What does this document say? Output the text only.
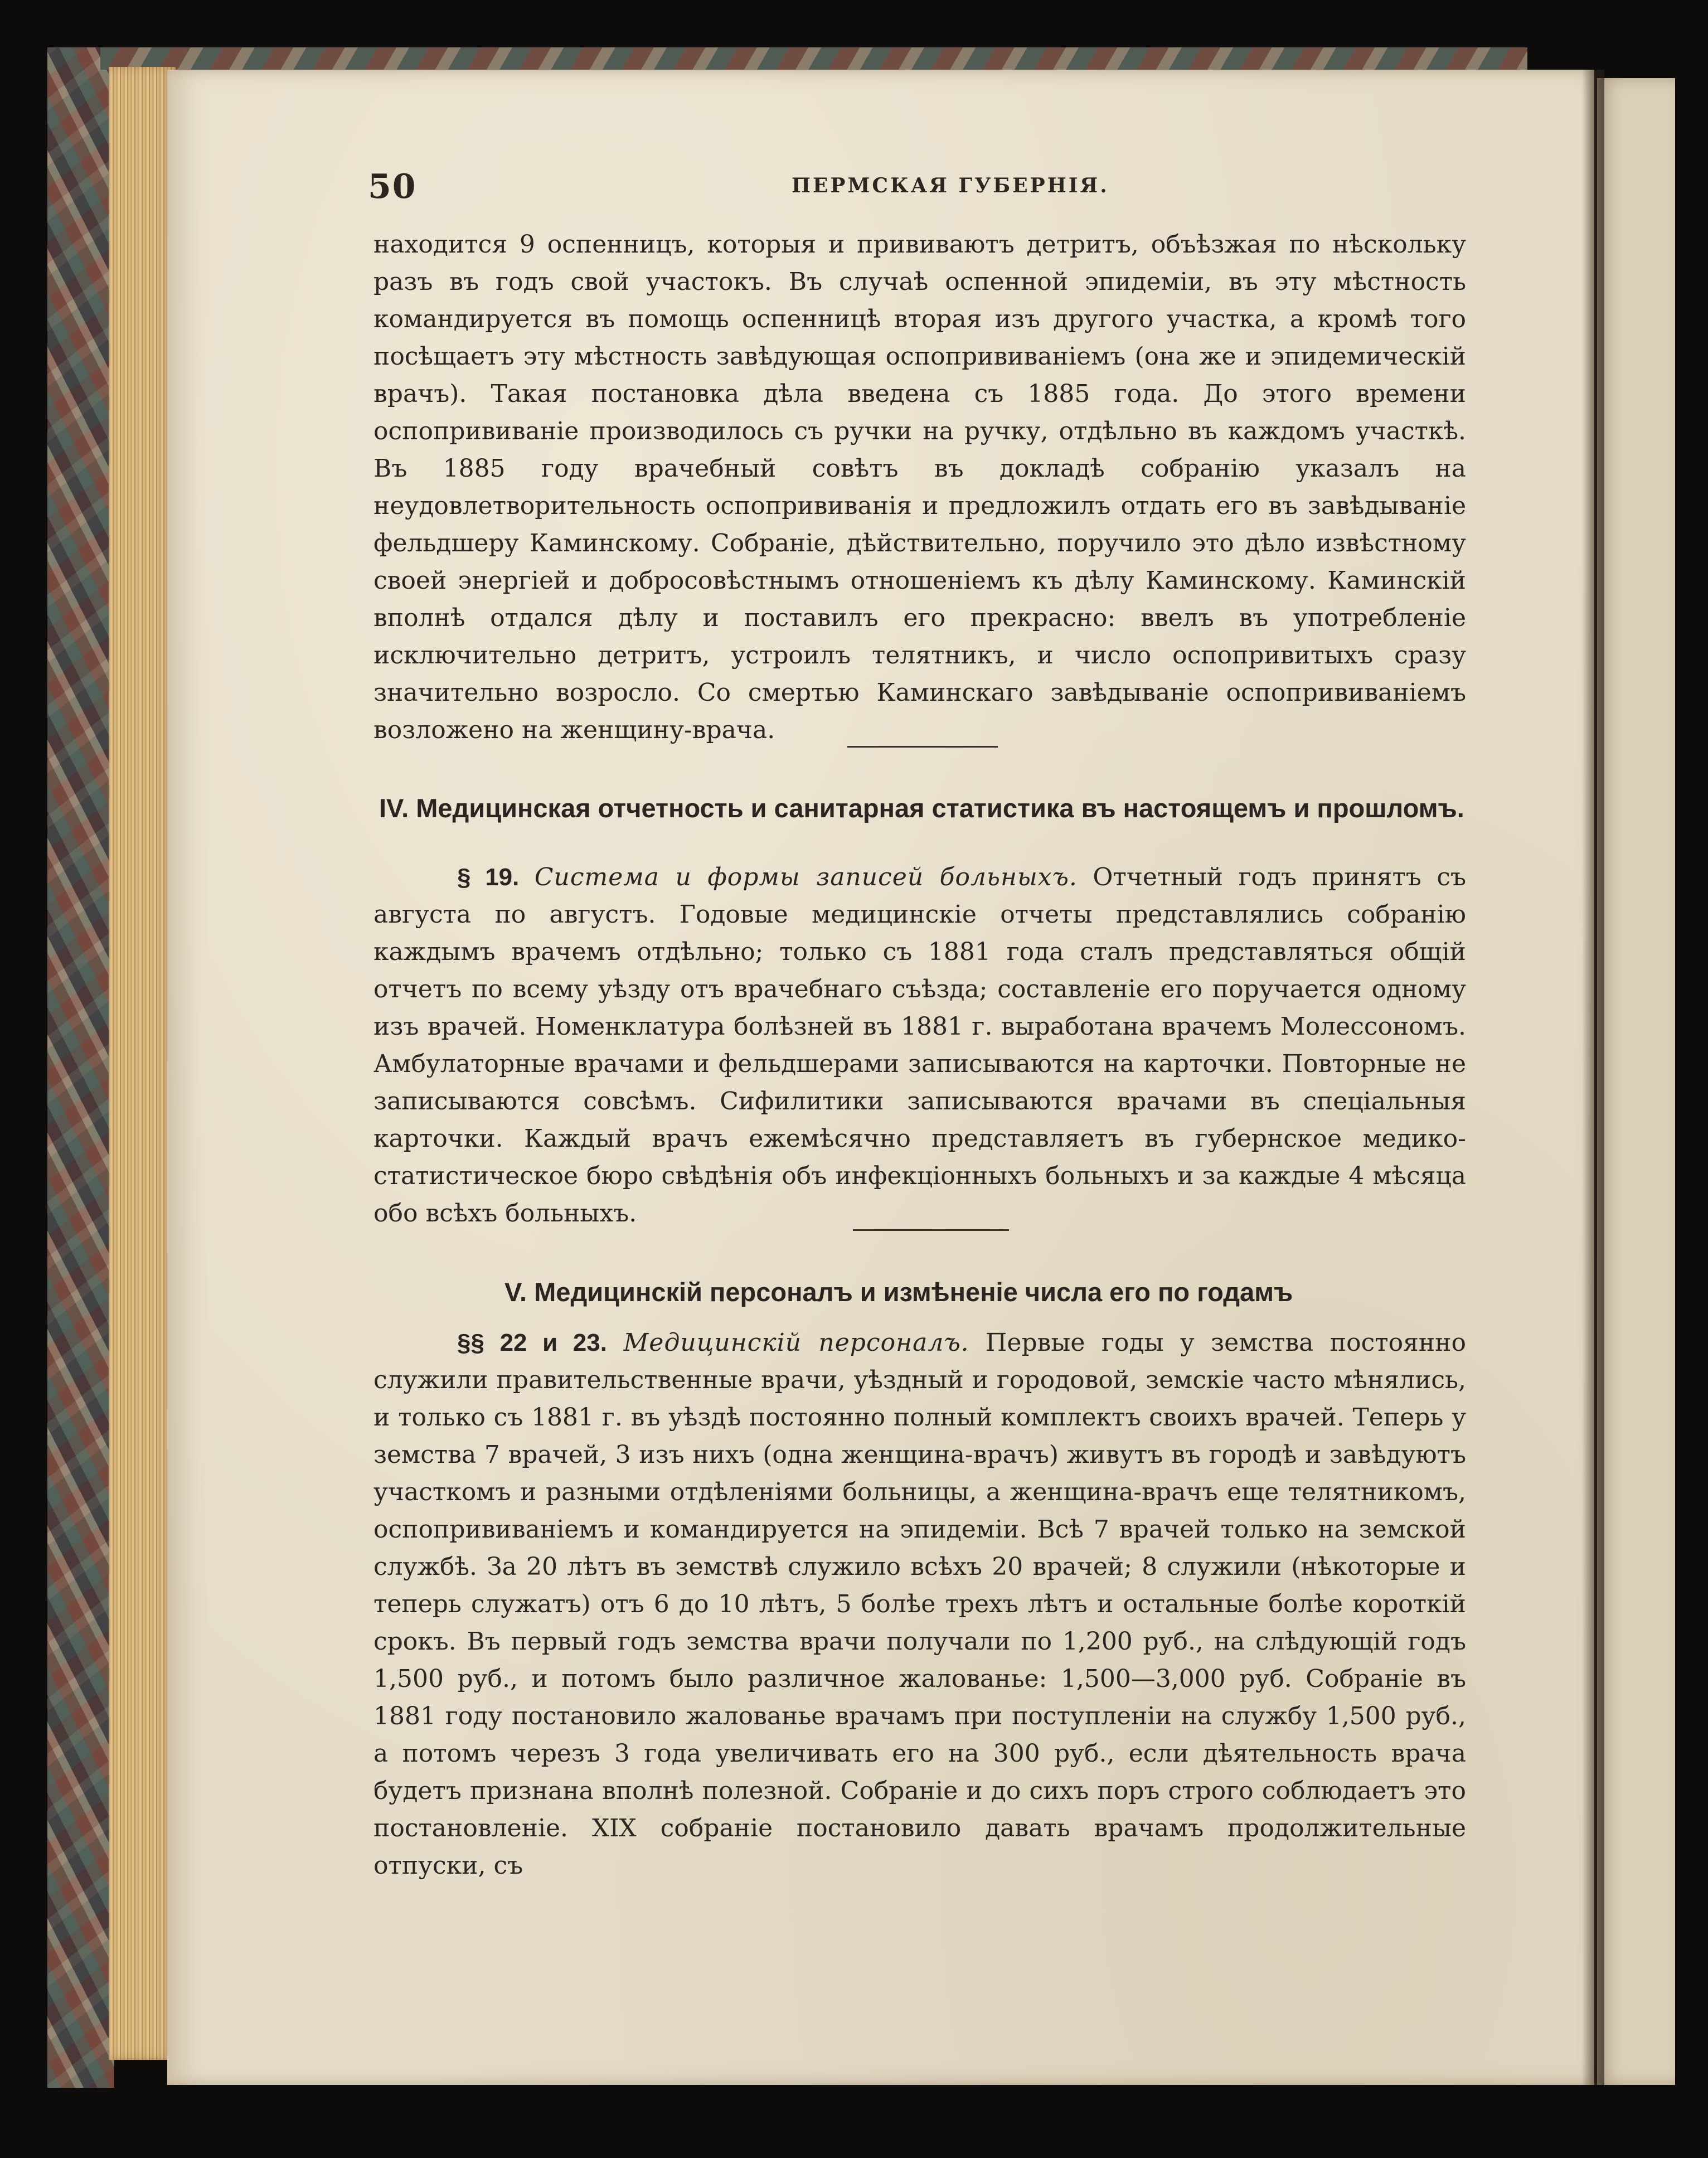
50	ПЕРМСКАЯ ГУБЕРНІЯ.

находится 9 оспенницъ, которыя и прививаютъ детритъ, объѣзжая по нѣскольку разъ въ годъ свой участокъ. Въ случаѣ оспенной эпидеміи, въ эту мѣстность командируется въ помощь оспенницѣ вторая изъ другого участка, а кромѣ того посѣщаетъ эту мѣстность завѣдующая оспопрививаніемъ (она же и эпидемическій врачъ). Такая постановка дѣла введена съ 1885 года. До этого времени оспопрививаніе производилось съ ручки на ручку, отдѣльно въ каждомъ участкѣ. Въ 1885 году врачебный совѣтъ въ докладѣ собранію указалъ на неудовлетворительность оспопрививанія и предложилъ отдать его въ завѣдываніе фельдшеру Каминскому. Собраніе, дѣйствительно, поручило это дѣло извѣстному своей энергіей и добросовѣстнымъ отношеніемъ къ дѣлу Каминскому. Каминскій вполнѣ отдался дѣлу и поставилъ его прекрасно: ввелъ въ употребленіе исключительно детритъ, устроилъ телятникъ, и число оспопривитыхъ сразу значительно возросло. Со смертью Каминскаго завѣдываніе оспопрививаніемъ возложено на женщину-врача.

IV. Медицинская отчетность и санитарная статистика въ настоящемъ и прошломъ.

§ 19. Система и формы записей больныхъ. Отчетный годъ принятъ съ августа по августъ. Годовые медицинскіе отчеты представлялись собранію каждымъ врачемъ отдѣльно; только съ 1881 года сталъ представляться общій отчетъ по всему уѣзду отъ врачебнаго съѣзда; составленіе его поручается одному изъ врачей. Номенклатура болѣзней въ 1881 г. выработана врачемъ Молессономъ. Амбулаторные врачами и фельдшерами записываются на карточки. Повторные не записываются совсѣмъ. Сифилитики записываются врачами въ спеціальныя карточки. Каждый врачъ ежемѣсячно представляетъ въ губернское медико-статистическое бюро свѣдѣнія объ инфекціонныхъ больныхъ и за каждые 4 мѣсяца обо всѣхъ больныхъ.

V. Медицинскій персоналъ и измѣненіе числа его по годамъ

§§ 22 и 23. Медицинскій персоналъ. Первые годы у земства постоянно служили правительственные врачи, уѣздный и городовой, земскіе часто мѣнялись, и только съ 1881 г. въ уѣздѣ постоянно полный комплектъ своихъ врачей. Теперь у земства 7 врачей, 3 изъ нихъ (одна женщина-врачъ) живутъ въ городѣ и завѣдуютъ участкомъ и разными отдѣленіями больницы, а женщина-врачъ еще телятникомъ, оспопрививаніемъ и командируется на эпидеміи. Всѣ 7 врачей только на земской службѣ. За 20 лѣтъ въ земствѣ служило всѣхъ 20 врачей; 8 служили (нѣкоторые и теперь служатъ) отъ 6 до 10 лѣтъ, 5 болѣе трехъ лѣтъ и остальные болѣе короткій срокъ. Въ первый годъ земства врачи получали по 1,200 руб., на слѣдующій годъ 1,500 руб., и потомъ было различное жалованье: 1,500—3,000 руб. Собраніе въ 1881 году постановило жалованье врачамъ при поступленіи на службу 1,500 руб., а потомъ черезъ 3 года увеличивать его на 300 руб., если дѣятельность врача будетъ признана вполнѣ полезной. Собраніе и до сихъ поръ строго соблюдаетъ это постановленіе. XIX собраніе постановило давать врачамъ продолжительные отпуски, съ
